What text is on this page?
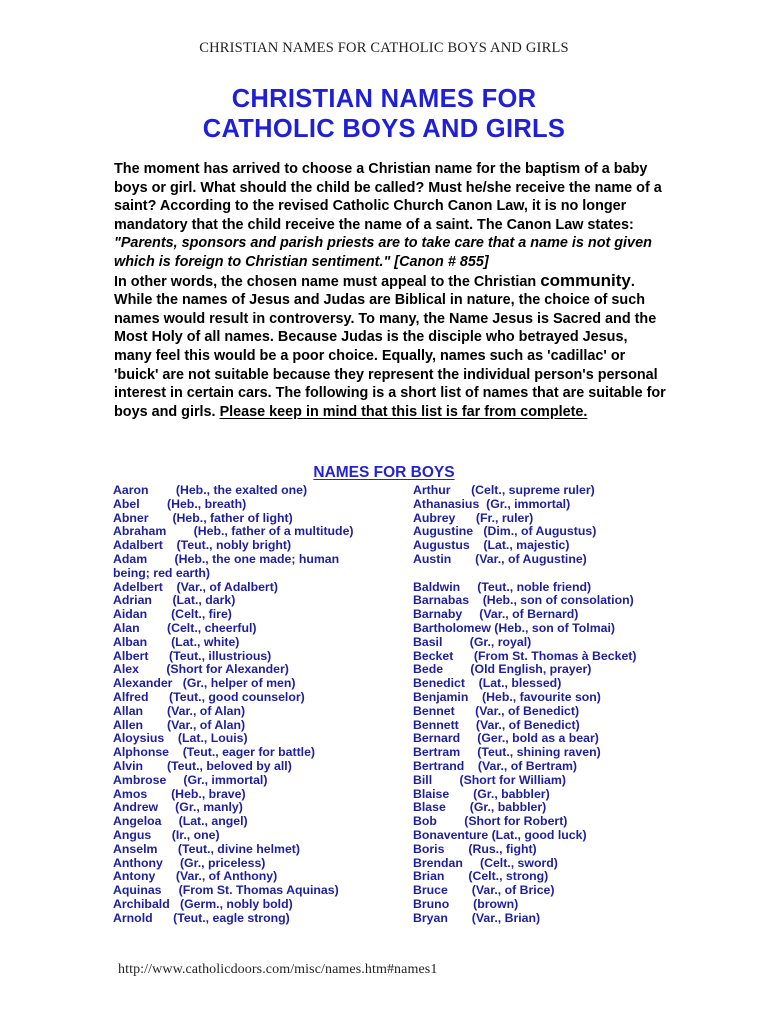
CHRISTIAN NAMES FOR CATHOLIC BOYS AND GIRLS
CHRISTIAN NAMES FOR
CATHOLIC BOYS AND GIRLS

The moment has arrived to choose a Christian name for the baptism of a baby boys or girl. What should the child be called? Must he/she receive the name of a saint? According to the revised Catholic Church Canon Law, it is no longer mandatory that the child receive the name of a saint. The Canon Law states:

"Parents, sponsors and parish priests are to take care that a name is not given which is foreign to Christian sentiment." [Canon # 855]

In other words, the chosen name must appeal to the Christian community. While the names of Jesus and Judas are Biblical in nature, the choice of such names would result in controversy. To many, the Name Jesus is Sacred and the Most Holy of all names. Because Judas is the disciple who betrayed Jesus, many feel this would be a poor choice. Equally, names such as 'cadillac' or 'buick' are not suitable because they represent the individual person's personal interest in certain cars. The following is a short list of names that are suitable for boys and girls. Please keep in mind that this list is far from complete.

NAMES FOR BOYS
Aaron        (Heb., the exalted one)
Abel        (Heb., breath)
Abner       (Heb., father of light)
Abraham        (Heb., father of a multitude)
Adalbert    (Teut., nobly bright)
Adam        (Heb., the one made; human
being; red earth)
Adelbert    (Var., of Adalbert)
Adrian      (Lat., dark)
Aidan       (Celt., fire)
Alan        (Celt., cheerful)
Alban       (Lat., white)
Albert      (Teut., illustrious)
Alex        (Short for Alexander)
Alexander   (Gr., helper of men)
Alfred      (Teut., good counselor)
Allan       (Var., of Alan)
Allen       (Var., of Alan)
Aloysius    (Lat., Louis)
Alphonse    (Teut., eager for battle)
Alvin       (Teut., beloved by all)
Ambrose     (Gr., immortal)
Amos       (Heb., brave)
Andrew     (Gr., manly)
Angeloa     (Lat., angel)
Angus      (Ir., one)
Anselm      (Teut., divine helmet)
Anthony     (Gr., priceless)
Antony      (Var., of Anthony)
Aquinas     (From St. Thomas Aquinas)
Archibald   (Germ., nobly bold)
Arnold      (Teut., eagle strong)
Arthur      (Celt., supreme ruler)
Athanasius  (Gr., immortal)
Aubrey      (Fr., ruler)
Augustine   (Dim., of Augustus)
Augustus    (Lat., majestic)
Austin       (Var., of Augustine)

Baldwin     (Teut., noble friend)
Barnabas    (Heb., son of consolation)
Barnaby     (Var., of Bernard)
Bartholomew (Heb., son of Tolmai)
Basil        (Gr., royal)
Becket      (From St. Thomas à Becket)
Bede        (Old English, prayer)
Benedict    (Lat., blessed)
Benjamin    (Heb., favourite son)
Bennet      (Var., of Benedict)
Bennett     (Var., of Benedict)
Bernard     (Ger., bold as a bear)
Bertram     (Teut., shining raven)
Bertrand    (Var., of Bertram)
Bill        (Short for William)
Blaise       (Gr., babbler)
Blase       (Gr., babbler)
Bob        (Short for Robert)
Bonaventure (Lat., good luck)
Boris       (Rus., fight)
Brendan     (Celt., sword)
Brian       (Celt., strong)
Bruce       (Var., of Brice)
Bruno       (brown)
Bryan       (Var., Brian)
http://www.catholicdoors.com/misc/names.htm#names1
